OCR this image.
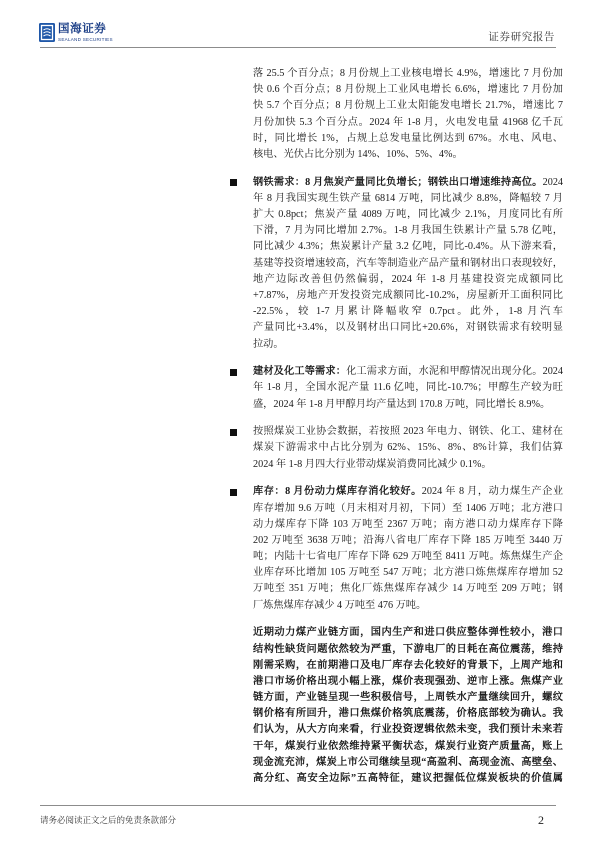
国海证券
SEALAND SECURITIES	证券研究报告
落 25.5 个百分点；8 月份规上工业核电增长 4.9%，增速比 7 月份加
快 0.6 个百分点；8 月份规上工业风电增长 6.6%，增速比 7 月份加
快 5.7 个百分点；8 月份规上工业太阳能发电增长 21.7%，增速比 7
月份加快 5.3 个百分点。2024 年 1-8 月，火电发电量 41968 亿千瓦
时，同比增长 1%，占规上总发电量比例达到 67%。水电、风电、
核电、光伏占比分别为 14%、10%、5%、4%。
钢铁需求：8 月焦炭产量同比负增长；钢铁出口增速维持高位。2024
年 8 月我国实现生铁产量 6814 万吨，同比减少 8.8%，降幅较 7 月
扩大 0.8pct；焦炭产量 4089 万吨，同比减少 2.1%，月度同比有所
下滑，7 月为同比增加 2.7%。1-8 月我国生铁累计产量 5.78 亿吨，
同比减少 4.3%；焦炭累计产量 3.2 亿吨，同比-0.4%。从下游来看，
基建等投资增速较高，汽车等制造业产品产量和钢材出口表现较好，
地产边际改善但仍然偏弱，2024 年 1-8 月基建投资完成额同比
+7.87%，房地产开发投资完成额同比-10.2%，房屋新开工面积同比
-22.5%，较 1-7 月累计降幅收窄 0.7pct。此外，1-8 月汽车
产量同比+3.4%，以及钢材出口同比+20.6%，对钢铁需求有较明显
拉动。
建材及化工等需求：化工需求方面，水泥和甲醇情况出现分化。2024
年 1-8 月，全国水泥产量 11.6 亿吨，同比-10.7%；甲醇生产较为旺
盛，2024 年 1-8 月甲醇月均产量达到 170.8 万吨，同比增长 8.9%。
按照煤炭工业协会数据，若按照 2023 年电力、钢铁、化工、建材在
煤炭下游需求中占比分别为 62%、15%、8%、8%计算，我们估算
2024 年 1-8 月四大行业带动煤炭消费同比减少 0.1%。
库存：8 月份动力煤库存消化较好。2024 年 8 月，动力煤生产企业
库存增加 9.6 万吨（月末相对月初，下同）至 1406 万吨；北方港口
动力煤库存下降 103 万吨至 2367 万吨；南方港口动力煤库存下降
202 万吨至 3638 万吨；沿海八省电厂库存下降 185 万吨至 3440 万
吨；内陆十七省电厂库存下降 629 万吨至 8411 万吨。炼焦煤生产企
业库存环比增加 105 万吨至 547 万吨；北方港口炼焦煤库存增加 52
万吨至 351 万吨；焦化厂炼焦煤库存减少 14 万吨至 209 万吨；钢
厂炼焦煤库存减少 4 万吨至 476 万吨。
近期动力煤产业链方面，国内生产和进口供应整体弹性较小，港口
结构性缺货问题依然较为严重，下游电厂的日耗在高位震荡，维持
刚需采购，在前期港口及电厂库存去化较好的背景下，上周产地和
港口市场价格出现小幅上涨，煤价表现强劲、逆市上涨。焦煤产业
链方面，产业链呈现一些积极信号，上周铁水产量继续回升，螺纹
钢价格有所回升，港口焦煤价格筑底震荡，价格底部较为确认。我
们认为，从大方向来看，行业投资逻辑依然未变，我们预计未来若
干年，煤炭行业依然维持紧平衡状态，煤炭行业资产质量高，账上
现金流充沛，煤炭上市公司继续呈现“高盈利、高现金流、高壁垒、
高分红、高安全边际”五高特征，建议把握低位煤炭板块的价值属
请务必阅读正文之后的免责条款部分	2
